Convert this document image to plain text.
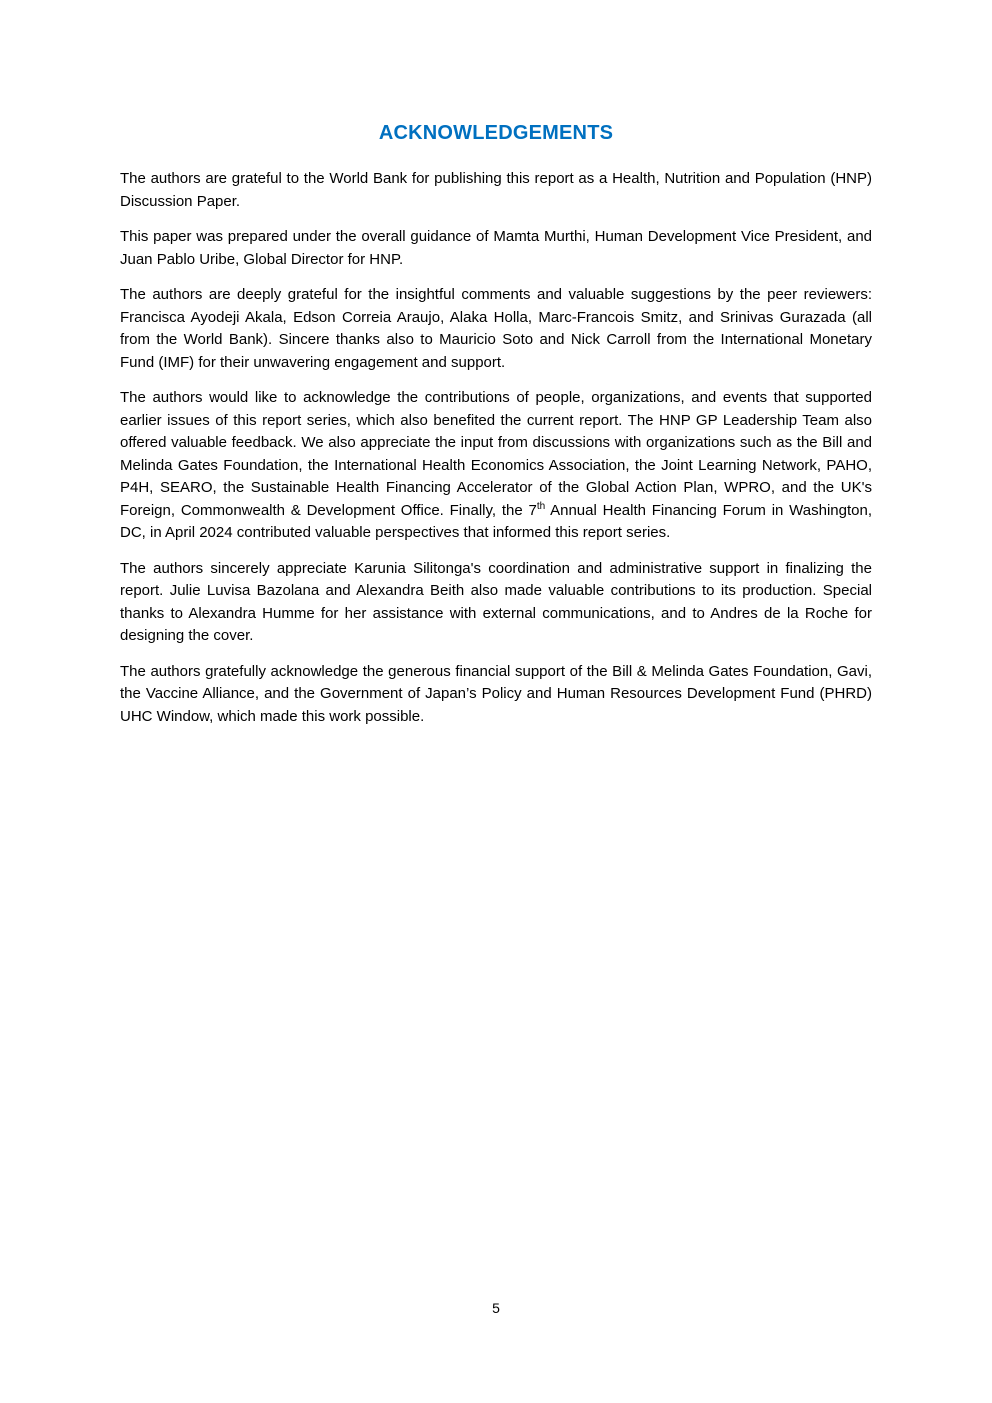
ACKNOWLEDGEMENTS

The authors are grateful to the World Bank for publishing this report as a Health, Nutrition and Population (HNP) Discussion Paper.

This paper was prepared under the overall guidance of Mamta Murthi, Human Development Vice President, and Juan Pablo Uribe, Global Director for HNP.

The authors are deeply grateful for the insightful comments and valuable suggestions by the peer reviewers: Francisca Ayodeji Akala, Edson Correia Araujo, Alaka Holla, Marc-Francois Smitz, and Srinivas Gurazada (all from the World Bank). Sincere thanks also to Mauricio Soto and Nick Carroll from the International Monetary Fund (IMF) for their unwavering engagement and support.

The authors would like to acknowledge the contributions of people, organizations, and events that supported earlier issues of this report series, which also benefited the current report. The HNP GP Leadership Team also offered valuable feedback. We also appreciate the input from discussions with organizations such as the Bill and Melinda Gates Foundation, the International Health Economics Association, the Joint Learning Network, PAHO, P4H, SEARO, the Sustainable Health Financing Accelerator of the Global Action Plan, WPRO, and the UK's Foreign, Commonwealth & Development Office. Finally, the 7th Annual Health Financing Forum in Washington, DC, in April 2024 contributed valuable perspectives that informed this report series.

The authors sincerely appreciate Karunia Silitonga's coordination and administrative support in finalizing the report. Julie Luvisa Bazolana and Alexandra Beith also made valuable contributions to its production. Special thanks to Alexandra Humme for her assistance with external communications, and to Andres de la Roche for designing the cover.

The authors gratefully acknowledge the generous financial support of the Bill & Melinda Gates Foundation, Gavi, the Vaccine Alliance, and the Government of Japan’s Policy and Human Resources Development Fund (PHRD) UHC Window, which made this work possible.

5
